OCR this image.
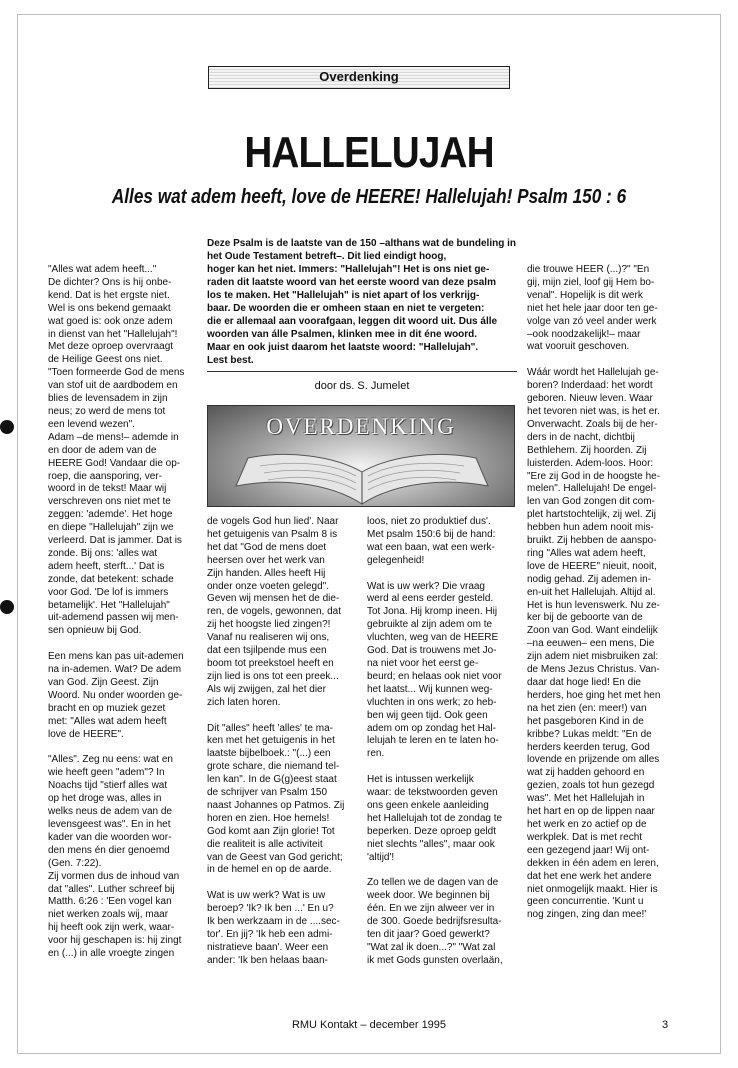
Overdenking
HALLELUJAH
Alles wat adem heeft, love de HEERE! Hallelujah! Psalm 150 : 6
Deze Psalm is de laatste van de 150 –althans wat de bundeling in het Oude Testament betreft–. Dit lied eindigt hoog,
hoger kan het niet. Immers: "Hallelujah"! Het is ons niet ge-
raden dit laatste woord van het eerste woord van deze psalm
los te maken. Het "Hallelujah" is niet apart of los verkrijg-
baar. De woorden die er omheen staan en niet te vergeten:
die er allemaal aan voorafgaan, leggen dit woord uit. Dus álle
woorden van álle Psalmen, klinken mee in dit éne woord.
Maar en ook juist daarom het laatste woord: "Hallelujah".
Lest best.
door ds. S. Jumelet
OVERDENKING
"Alles wat adem heeft..."
De dichter? Ons is hij onbe-
kend. Dat is het ergste niet.
Wel is ons bekend gemaakt
wat goed is: ook onze adem
in dienst van het "Hallelujah"!
Met deze oproep overvraagt
de Heilige Geest ons niet.
"Toen formeerde God de mens
van stof uit de aardbodem en
blies de levensadem in zijn
neus; zo werd de mens tot
een levend wezen".
Adam –de mens!– ademde in
en door de adem van de
HEERE God! Vandaar die op-
roep, die aansporing, ver-
woord in de tekst! Maar wij
verschreven ons niet met te
zeggen: 'ademde'. Het hoge
en diepe "Hallelujah" zijn we
verleerd. Dat is jammer. Dat is
zonde. Bij ons: 'alles wat
adem heeft, sterft...' Dat is
zonde, dat betekent: schade
voor God. 'De lof is immers
betamelijk'. Het "Hallelujah"
uit-ademend passen wij men-
sen opnieuw bij God.

Een mens kan pas uit-ademen
na in-ademen. Wat? De adem
van God. Zijn Geest. Zijn
Woord. Nu onder woorden ge-
bracht en op muziek gezet
met: "Alles wat adem heeft
love de HEERE".

"Alles". Zeg nu eens: wat en
wie heeft geen "adem"? In
Noachs tijd "stierf alles wat
op het droge was, alles in
welks neus de adem van de
levensgeest was". En in het
kader van die woorden wor-
den mens én dier genoemd
(Gen. 7:22).
Zij vormen dus de inhoud van
dat "alles". Luther schreef bij
Matth. 6:26 : 'Een vogel kan
niet werken zoals wij, maar
hij heeft ook zijn werk, waar-
voor hij geschapen is: hij zingt
en (...) in alle vroegte zingen
de vogels God hun lied'. Naar
het getuigenis van Psalm 8 is
het dat "God de mens doet
heersen over het werk van
Zijn handen. Alles heeft Hij
onder onze voeten gelegd".
Geven wij mensen het de die-
ren, de vogels, gewonnen, dat
zij het hoogste lied zingen?!
Vanaf nu realiseren wij ons,
dat een tsjilpende mus een
boom tot preekstoel heeft en
zijn lied is ons tot een preek...
Als wij zwijgen, zal het dier
zich laten horen.

Dit "alles" heeft 'alles' te ma-
ken met het getuigenis in het
laatste bijbelboek.: "(...) een
grote schare, die niemand tel-
len kan". In de G(g)eest staat
de schrijver van Psalm 150
naast Johannes op Patmos. Zij
horen en zien. Hoe hemels!
God komt aan Zijn glorie! Tot
die realiteit is alle activiteit
van de Geest van God gericht;
in de hemel en op de aarde.

Wat is uw werk? Wat is uw
beroep? 'Ik? Ik ben ...' En u?
Ik ben werkzaam in de ....sec-
tor'. En jij? 'Ik heb een admi-
nistratieve baan'. Weer een
ander: 'Ik ben helaas baan-
loos, niet zo produktief dus'.
Met psalm 150:6 bij de hand:
wat een baan, wat een werk-
gelegenheid!

Wat is uw werk? Die vraag
werd al eens eerder gesteld.
Tot Jona. Hij kromp ineen. Hij
gebruikte al zijn adem om te
vluchten, weg van de HEERE
God. Dat is trouwens met Jo-
na niet voor het eerst ge-
beurd; en helaas ook niet voor
het laatst... Wij kunnen weg-
vluchten in ons werk; zo heb-
ben wij geen tijd. Ook geen
adem om op zondag het Hal-
lelujah te leren en te laten ho-
ren.

Het is intussen werkelijk
waar: de tekstwoorden geven
ons geen enkele aanleiding
het Hallelujah tot de zondag te
beperken. Deze oproep geldt
niet slechts "alles", maar ook
'altijd'!

Zo tellen we de dagen van de
week door. We beginnen bij
één. En we zijn alweer ver in
de 300. Goede bedrijfsresulta-
ten dit jaar? Goed gewerkt?
"Wat zal ik doen...?" "Wat zal
ik met Gods gunsten overlaän,
die trouwe HEER (...)?" "En
gij, mijn ziel, loof gij Hem bo-
venal". Hopelijk is dit werk
niet het hele jaar door ten ge-
volge van zó veel ander werk
–ook noodzakelijk!– maar
wat vooruit geschoven.

Wáár wordt het Hallelujah ge-
boren? Inderdaad: het wordt
geboren. Nieuw leven. Waar
het tevoren niet was, is het er.
Onverwacht. Zoals bij de her-
ders in de nacht, dichtbij
Bethlehem. Zij hoorden. Zij
luisterden. Adem-loos. Hoor:
"Ere zij God in de hoogste he-
melen". Hallelujah! De engel-
len van God zongen dit com-
plet hartstochtelijk, zij wel. Zij
hebben hun adem nooit mis-
bruikt. Zij hebben de aanspo-
ring "Alles wat adem heeft,
love de HEERE" nieuit, nooit,
nodig gehad. Zij ademen in-
en-uit het Hallelujah. Altijd al.
Het is hun levenswerk. Nu ze-
ker bij de geboorte van de
Zoon van God. Want eindelijk
–na eeuwen– een mens, Die
zijn adem niet misbruiken zal:
de Mens Jezus Christus. Van-
daar dat hoge lied! En die
herders, hoe ging het met hen
na het zien (en: meer!) van
het pasgeboren Kind in de
kribbe? Lukas meldt: "En de
herders keerden terug, God
lovende en prijzende om alles
wat zij hadden gehoord en
gezien, zoals tot hun gezegd
was". Met het Hallelujah in
het hart en op de lippen naar
het werk en zo actief op de
werkplek. Dat is met recht
een gezegend jaar! Wij ont-
dekken in één adem en leren,
dat het ene werk het andere
niet onmogelijk maakt. Hier is
geen concurrentie. 'Kunt u
nog zingen, zing dan mee!'
RMU Kontakt – december 1995	3
